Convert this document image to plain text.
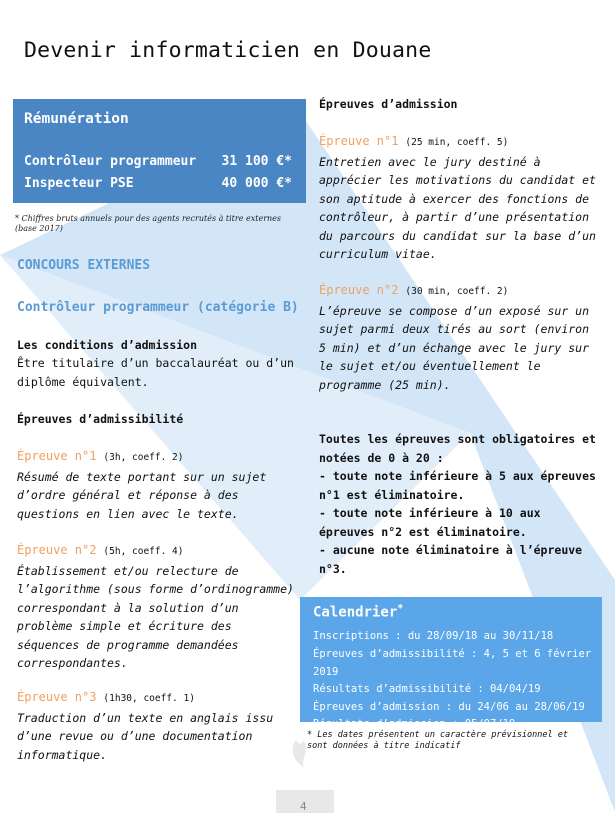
Devenir informaticien en Douane
Rémunération
Contrôleur programmeur 31 100 €*
Inspecteur PSE	40 000 €*
* Chiffres bruts annuels pour des agents recrutés à titre externes
(base 2017)
CONCOURS EXTERNES
Contrôleur programmeur (catégorie B)
Les conditions d’admission
Être titulaire d’un baccalauréat ou d’un
diplôme équivalent.
Épreuves d’admissibilité
Épreuve n°1 (3h, coeff. 2)
Résumé de texte portant sur un sujet
d’ordre général et réponse à des
questions en lien avec le texte.
Épreuve n°2 (5h, coeff. 4)
Établissement et/ou relecture de
l’algorithme (sous forme d’ordinogramme)
correspondant à la solution d’un
problème simple et écriture des
séquences de programme demandées
correspondantes.
Épreuve n°3 (1h30, coeff. 1)
Traduction d’un texte en anglais issu
d’une revue ou d’une documentation
informatique.
Épreuves d’admission
Épreuve n°1 (25 min, coeff. 5)
Entretien avec le jury destiné à
apprécier les motivations du candidat et
son aptitude à exercer des fonctions de
contrôleur, à partir d’une présentation
du parcours du candidat sur la base d’un
curriculum vitae.
Épreuve n°2 (30 min, coeff. 2)
L’épreuve se compose d’un exposé sur un
sujet parmi deux tirés au sort (environ
5 min) et d’un échange avec le jury sur
le sujet et/ou éventuellement le
programme (25 min).
Toutes les épreuves sont obligatoires et
notées de 0 à 20 :
- toute note inférieure à 5 aux épreuves
n°1 est éliminatoire.
- toute note inférieure à 10 aux
épreuves n°2 est éliminatoire.
- aucune note éliminatoire à l’épreuve
n°3.
Calendrier*
Inscriptions : du 28/09/18 au 30/11/18
Épreuves d’admissibilité : 4, 5 et 6 février
2019
Résultats d’admissibilité : 04/04/19
Épreuves d’admission : du 24/06 au 28/06/19
Résultats d’admission : 05/07/19
* Les dates présentent un caractère prévisionnel et
sont données à titre indicatif
4
